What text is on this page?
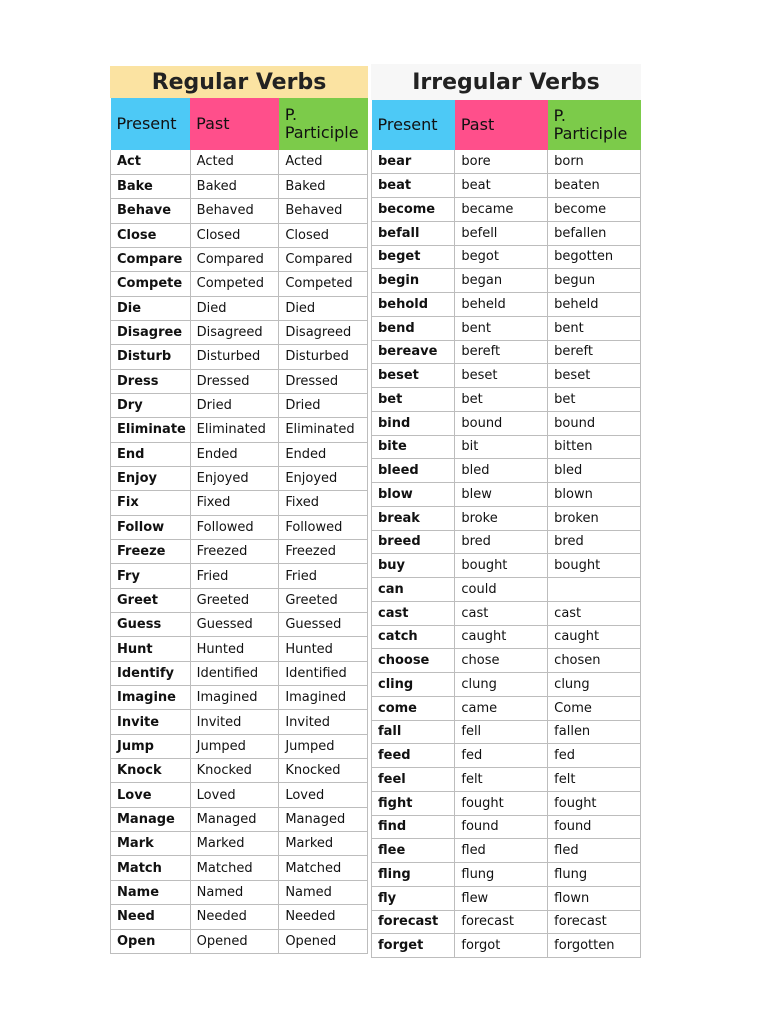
Regular Verbs
Present	Past	P. Participle
Act	Acted	Acted
Bake	Baked	Baked
Behave	Behaved	Behaved
Close	Closed	Closed
Compare	Compared	Compared
Compete	Competed	Competed
Die	Died	Died
Disagree	Disagreed	Disagreed
Disturb	Disturbed	Disturbed
Dress	Dressed	Dressed
Dry	Dried	Dried
Eliminate	Eliminated	Eliminated
End	Ended	Ended
Enjoy	Enjoyed	Enjoyed
Fix	Fixed	Fixed
Follow	Followed	Followed
Freeze	Freezed	Freezed
Fry	Fried	Fried
Greet	Greeted	Greeted
Guess	Guessed	Guessed
Hunt	Hunted	Hunted
Identify	Identified	Identified
Imagine	Imagined	Imagined
Invite	Invited	Invited
Jump	Jumped	Jumped
Knock	Knocked	Knocked
Love	Loved	Loved
Manage	Managed	Managed
Mark	Marked	Marked
Match	Matched	Matched
Name	Named	Named
Need	Needed	Needed
Open	Opened	Opened
Irregular Verbs
Present	Past	P. Participle
bear	bore	born
beat	beat	beaten
become	became	become
befall	befell	befallen
beget	begot	begotten
begin	began	begun
behold	beheld	beheld
bend	bent	bent
bereave	bereft	bereft
beset	beset	beset
bet	bet	bet
bind	bound	bound
bite	bit	bitten
bleed	bled	bled
blow	blew	blown
break	broke	broken
breed	bred	bred
buy	bought	bought
can	could	
cast	cast	cast
catch	caught	caught
choose	chose	chosen
cling	clung	clung
come	came	Come
fall	fell	fallen
feed	fed	fed
feel	felt	felt
fight	fought	fought
find	found	found
flee	fled	fled
fling	flung	flung
fly	flew	flown
forecast	forecast	forecast
forget	forgot	forgotten
